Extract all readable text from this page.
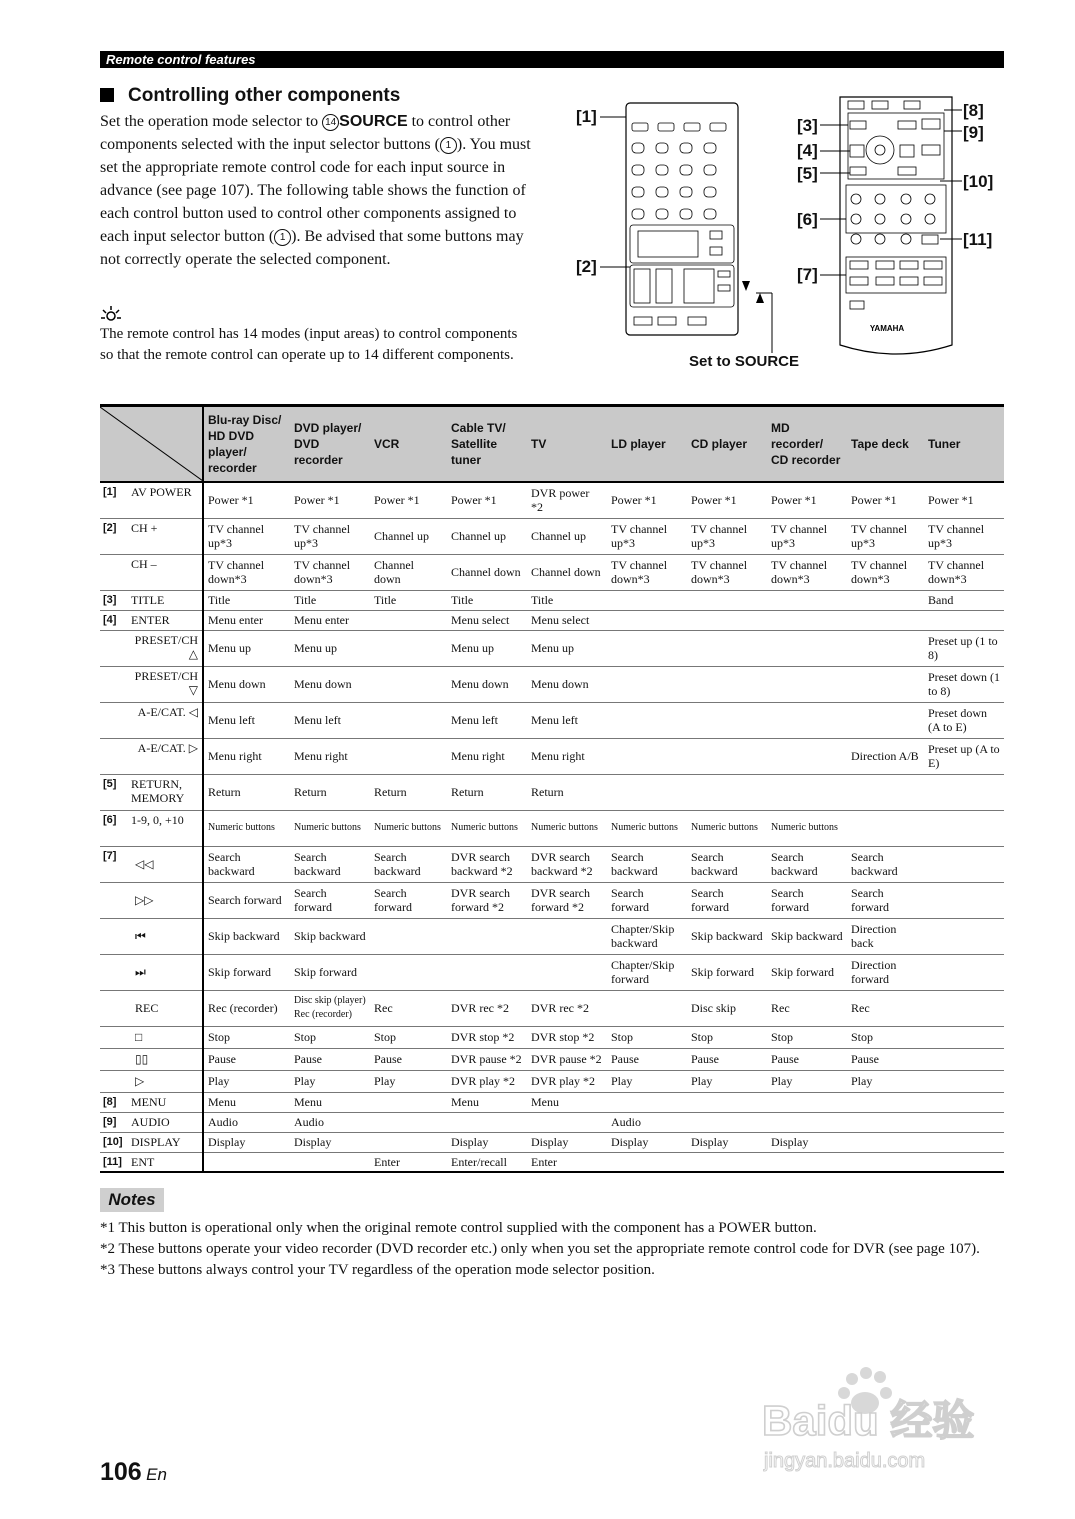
Remote control features
Controlling other components
Set the operation mode selector to 14 SOURCE to control other components selected with the input selector buttons ( 1 ). You must set the appropriate remote control code for each input source in advance (see page 107). The following table shows the function of each control button used to control other components assigned to each input selector button ( 1 ). Be advised that some buttons may not correctly operate the selected component.
The remote control has 14 modes (input areas) to control components so that the remote control can operate up to 14 different components.
YAMAHA
[1]
[2]
[3]
[4]
[5]
[6]
[7]
[8]
[9]
[10]
[11]
Set to SOURCE
	Blu-ray Disc/ HD DVD player/ recorder	DVD player/ DVD recorder	VCR	Cable TV/ Satellite tuner	TV	LD player	CD player	MD recorder/ CD recorder	Tape deck	Tuner
[1]	AV POWER	Power *1	Power *1	Power *1	Power *1	DVR power *2	Power *1	Power *1	Power *1	Power *1	Power *1
[2]	CH +	TV channel up*3	TV channel up*3	Channel up	Channel up	Channel up	TV channel up*3	TV channel up*3	TV channel up*3	TV channel up*3	TV channel up*3
	CH –	TV channel down*3	TV channel down*3	Channel down	Channel down	Channel down	TV channel down*3	TV channel down*3	TV channel down*3	TV channel down*3	TV channel down*3
[3]	TITLE	Title	Title	Title	Title	Title					Band
[4]	ENTER	Menu enter	Menu enter		Menu select	Menu select					
	PRESET/CH △	Menu up	Menu up		Menu up	Menu up					Preset up (1 to 8)
	PRESET/CH ▽	Menu down	Menu down		Menu down	Menu down					Preset down (1 to 8)
	A-E/CAT. ◁	Menu left	Menu left		Menu left	Menu left					Preset down (A to E)
	A-E/CAT. ▷	Menu right	Menu right		Menu right	Menu right				Direction A/B	Preset up (A to E)
[5]	RETURN, MEMORY	Return	Return	Return	Return	Return					
[6]	1-9, 0, +10	Numeric buttons	Numeric buttons	Numeric buttons	Numeric buttons	Numeric buttons	Numeric buttons	Numeric buttons	Numeric buttons		
[7]	◁◁	Search backward	Search backward	Search backward	DVR search backward *2	DVR search backward *2	Search backward	Search backward	Search backward	Search backward	
	▷▷	Search forward	Search forward	Search forward	DVR search forward *2	DVR search forward *2	Search forward	Search forward	Search forward	Search forward	
	⏮	Skip backward	Skip backward				Chapter/Skip backward	Skip backward	Skip backward	Direction back	
	⏭	Skip forward	Skip forward				Chapter/Skip forward	Skip forward	Skip forward	Direction forward	
	REC	Rec (recorder)	Disc skip (player) Rec (recorder)	Rec	DVR rec *2	DVR rec *2		Disc skip	Rec	Rec	
	□	Stop	Stop	Stop	DVR stop *2	DVR stop *2	Stop	Stop	Stop	Stop	
	▯▯	Pause	Pause	Pause	DVR pause *2	DVR pause *2	Pause	Pause	Pause	Pause	
	▷	Play	Play	Play	DVR play *2	DVR play *2	Play	Play	Play	Play	
[8]	MENU	Menu	Menu		Menu	Menu					
[9]	AUDIO	Audio	Audio				Audio				
[10]	DISPLAY	Display	Display		Display	Display	Display	Display	Display		
[11]	ENT			Enter	Enter/recall	Enter					
Notes
*1 This button is operational only when the original remote control supplied with the component has a POWER button.
*2 These buttons operate your video recorder (DVD recorder etc.) only when you set the appropriate remote control code for DVR (see page 107).
*3 These buttons always control your TV regardless of the operation mode selector position.
106 En
Baidu 经验
jingyan.baidu.com
